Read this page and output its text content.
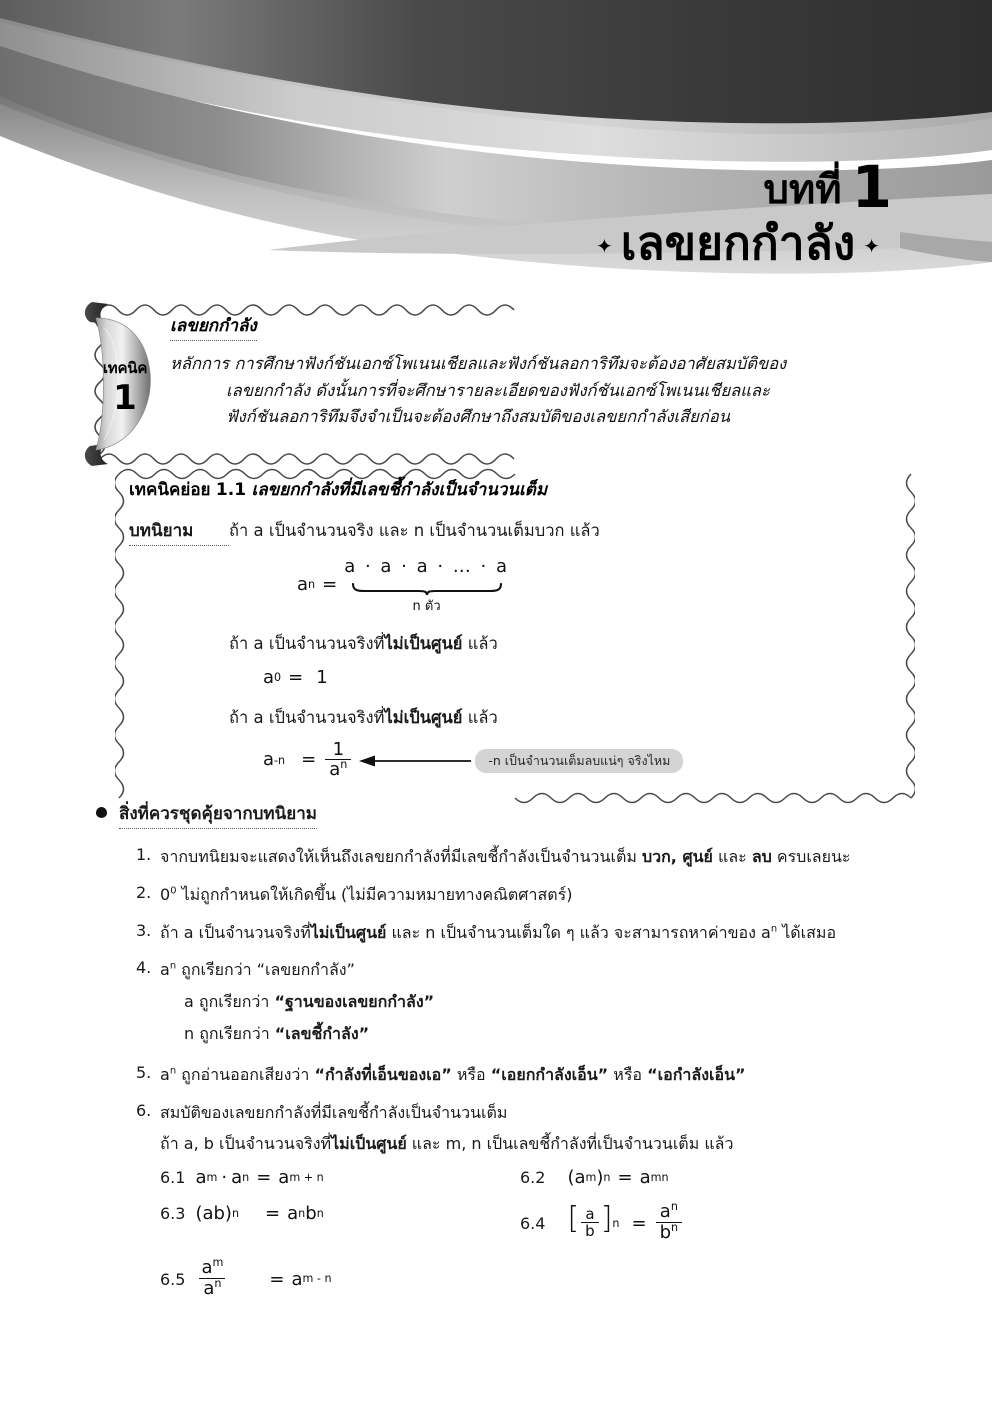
บทที่ 1
✦ เลขยกกำลัง ✦
เทคนิค
1
เลขยกกำลัง
หลักการ การศึกษาฟังก์ชันเอกซ์โพเนนเชียลและฟังก์ชันลอการิทึมจะต้องอาศัยสมบัติของ
เลขยกกำลัง ดังนั้นการที่จะศึกษารายละเอียดของฟังก์ชันเอกซ์โพเนนเชียลและ
ฟังก์ชันลอการิทึมจึงจำเป็นจะต้องศึกษาถึงสมบัติของเลขยกกำลังเสียก่อน
เทคนิคย่อย 1.1 เลขยกกำลังที่มีเลขชี้กำลังเป็นจำนวนเต็ม
บทนิยาม	ถ้า a เป็นจำนวนจริง และ n เป็นจำนวนเต็มบวก แล้ว
a n =
a · a · a · … · a
n ตัว
ถ้า a เป็นจำนวนจริงที่ไม่เป็นศูนย์ แล้ว
a 0 = 1
ถ้า a เป็นจำนวนจริงที่ไม่เป็นศูนย์ แล้ว
a $-n = \frac{1}{a^n}$	-n เป็นจำนวนเต็มลบแน่ๆ จริงไหม
สิ่งที่ควรชุดคุ้ยจากบทนิยาม
1. จากบทนิยมจะแสดงให้เห็นถึงเลขยกกำลังที่มีเลขชี้กำลังเป็นจำนวนเต็ม บวก, ศูนย์ และ ลบ ครบเลยนะ
2. $0^0$ ไม่ถูกกำหนดให้เกิดขึ้น (ไม่มีความหมายทางคณิตศาสตร์)
3. ถ้า a เป็นจำนวนจริงที่ไม่เป็นศูนย์ และ n เป็นจำนวนเต็มใด ๆ แล้ว จะสามารถหาค่าของ $a^n$ ได้เสมอ
4. $a^n$ ถูกเรียกว่า “เลขยกกำลัง”
a ถูกเรียกว่า “ฐานของเลขยกกำลัง”
n ถูกเรียกว่า “เลขชี้กำลัง”
5. $a^n$ ถูกอ่านออกเสียงว่า “กำลังที่เอ็นของเอ” หรือ “เอยกกำลังเอ็น” หรือ “เอกำลังเอ็น”
6. สมบัติของเลขยกกำลังที่มีเลขชี้กำลังเป็นจำนวนเต็ม
ถ้า a, b เป็นจำนวนจริงที่ไม่เป็นศูนย์ และ m, n เป็นเลขชี้กำลังที่เป็นจำนวนเต็ม แล้ว
6.1 a m · a n = a m + n	6.2 ( a m ) n = a mn
6.3 (ab) n = a n b n
6.4 [ $\frac{a}{b}$ ] $n = \frac{a^n}{b^n}$
$6.5 \frac{a^m}{a^n} = a$ m - n
